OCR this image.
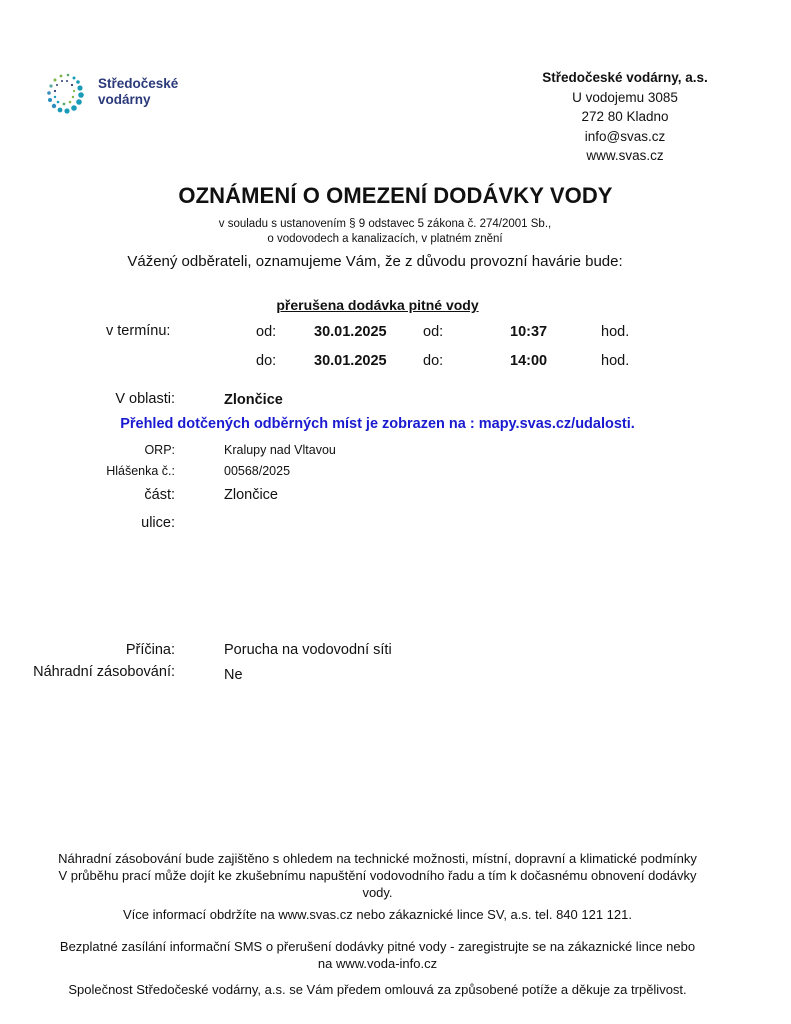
Středočeské
vodárny
Středočeské vodárny, a.s.
U vodojemu 3085
272 80 Kladno
info@svas.cz
www.svas.cz
OZNÁMENÍ O OMEZENÍ DODÁVKY VODY
v souladu s ustanovením § 9 odstavec 5 zákona č. 274/2001 Sb.,
o vodovodech a kanalizacích, v platném znění
Vážený odběrateli, oznamujeme Vám, že z důvodu provozní havárie bude:
přerušena dodávka pitné vody
v termínu:	od:	30.01.2025	od:	10:37	hod.
do:	30.01.2025	do:	14:00	hod.
V oblasti:	Zlončice
Přehled dotčených odběrných míst je zobrazen na : mapy.svas.cz/udalosti.
ORP:	Kralupy nad Vltavou
Hlášenka č.:	00568/2025
část:	Zlončice
ulice:
Příčina:	Porucha na vodovodní síti
Náhradní zásobování:	Ne

Náhradní zásobování bude zajištěno s ohledem na technické možnosti, místní, dopravní a klimatické podmínky

V průběhu prací může dojít ke zkušebnímu napuštění vodovodního řadu a tím k dočasnému obnovení dodávky

vody.

Více informací obdržíte na www.svas.cz nebo zákaznické lince SV, a.s. tel. 840 121 121.

Bezplatné zasílání informační SMS o přerušení dodávky pitné vody - zaregistrujte se na zákaznické lince nebo

na www.voda-info.cz

Společnost Středočeské vodárny, a.s. se Vám předem omlouvá za způsobené potíže a děkuje za trpělivost.
